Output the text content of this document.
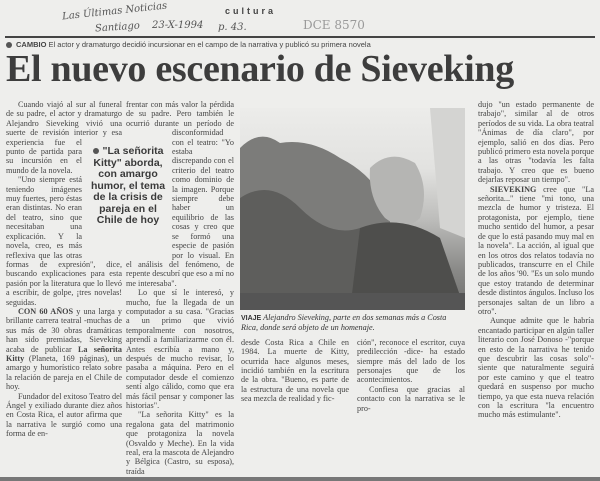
Las Últimas Noticias
Santiago 23-X-1994 p. 43.
cultura
DCE 8570
CAMBIO El actor y dramaturgo decidió incursionar en el campo de la narrativa y publicó su primera novela
El nuevo escenario de Sieveking

Cuando viajó al sur al funeral de su padre, el actor y dramaturgo Alejandro Sieveking vivió una suerte de revisión interior y esa experiencia fue el punto de partida para su incursión en el mundo de la novela.

"Uno siempre está teniendo imágenes muy fuertes, pero éstas eran distintas. No eran del teatro, sino que necesitaban una explicación. Y la novela, creo, es más reflexiva que las otras formas de expresión", dice, buscando explicaciones para esta pasión por la literatura que lo llevó a escribir, de golpe, ¡tres novelas! seguidas.

CON 60 AÑOS y una larga y brillante carrera teatral -muchas de sus más de 30 obras dramáticas han sido premiadas, Sieveking acaba de publicar La señorita Kitty (Planeta, 169 páginas), un amargo y humorístico relato sobre la relación de pareja en el Chile de hoy.

Fundador del exitoso Teatro del Ángel y exiliado durante diez años en Costa Rica, el autor afirma que la narrativa le surgió como una forma de en-

frentar con más valor la pérdida de su padre. Pero también le ocurrió durante un período de disconformidad con el teatro: "Yo estaba discrepando con el criterio del teatro como dominio de la imagen. Porque siempre debe haber un equilibrio de las cosas y creo que se formó una especie de pasión por lo visual. En el análisis del fenómeno, de repente descubrí que eso a mí no me interesaba".

Lo que sí le interesó, y mucho, fue la llegada de un computador a su casa. "Gracias a un primo que vivió temporalmente con nosotros, aprendí a familiarizarme con él. Antes escribía a mano y, después de mucho revisar, lo pasaba a máquina. Pero en el computador desde el comienzo sentí algo cálido, como que era más fácil pensar y componer las historias".

"La señorita Kitty" es la regalona gata del matrimonio que protagoniza la novela (Osvaldo y Meche). En la vida real, era la mascota de Alejandro y Bélgica (Castro, su esposa), traída

"La señorita Kitty" aborda, con amargo humor, el tema de la crisis de pareja en el Chile de hoy
VIAJE Alejandro Sieveking, parte en dos semanas más a Costa Rica, donde será objeto de un homenaje.

desde Costa Rica a Chile en 1984. La muerte de Kitty, ocurrida hace algunos meses, incidió también en la escritura de la obra. "Bueno, es parte de la estructura de una novela que sea mezcla de realidad y fic-

ción", reconoce el escritor, cuya predilección -dice- ha estado siempre más del lado de los personajes que de los acontecimientos.

Confiesa que gracias al contacto con la narrativa se le pro-

dujo "un estado permanente de trabajo", similar al de otros períodos de su vida. La obra teatral "Ánimas de día claro", por ejemplo, salió en dos días. Pero publicó primero esta novela porque a las otras "todavía les falta trabajo. Y creo que es bueno dejarlas reposar un tiempo".

SIEVEKING cree que "La señorita..." tiene "mi tono, una mezcla de humor y tristeza. El protagonista, por ejemplo, tiene mucho sentido del humor, a pesar de que lo está pasando muy mal en la novela". La acción, al igual que en los otros dos relatos todavía no publicados, transcurre en el Chile de los años '90. "Es un solo mundo que estoy tratando de determinar desde distintos ángulos. Incluso los personajes saltan de un libro a otro".

Aunque admite que le habría encantado participar en algún taller literario con José Donoso -"porque en esto de la narrativa he tenido que descubrir las cosas solo"- siente que naturalmente seguirá por este camino y que el teatro quedará en suspenso por mucho tiempo, ya que esta nueva relación con la escritura "la encuentro mucho más estimulante".
